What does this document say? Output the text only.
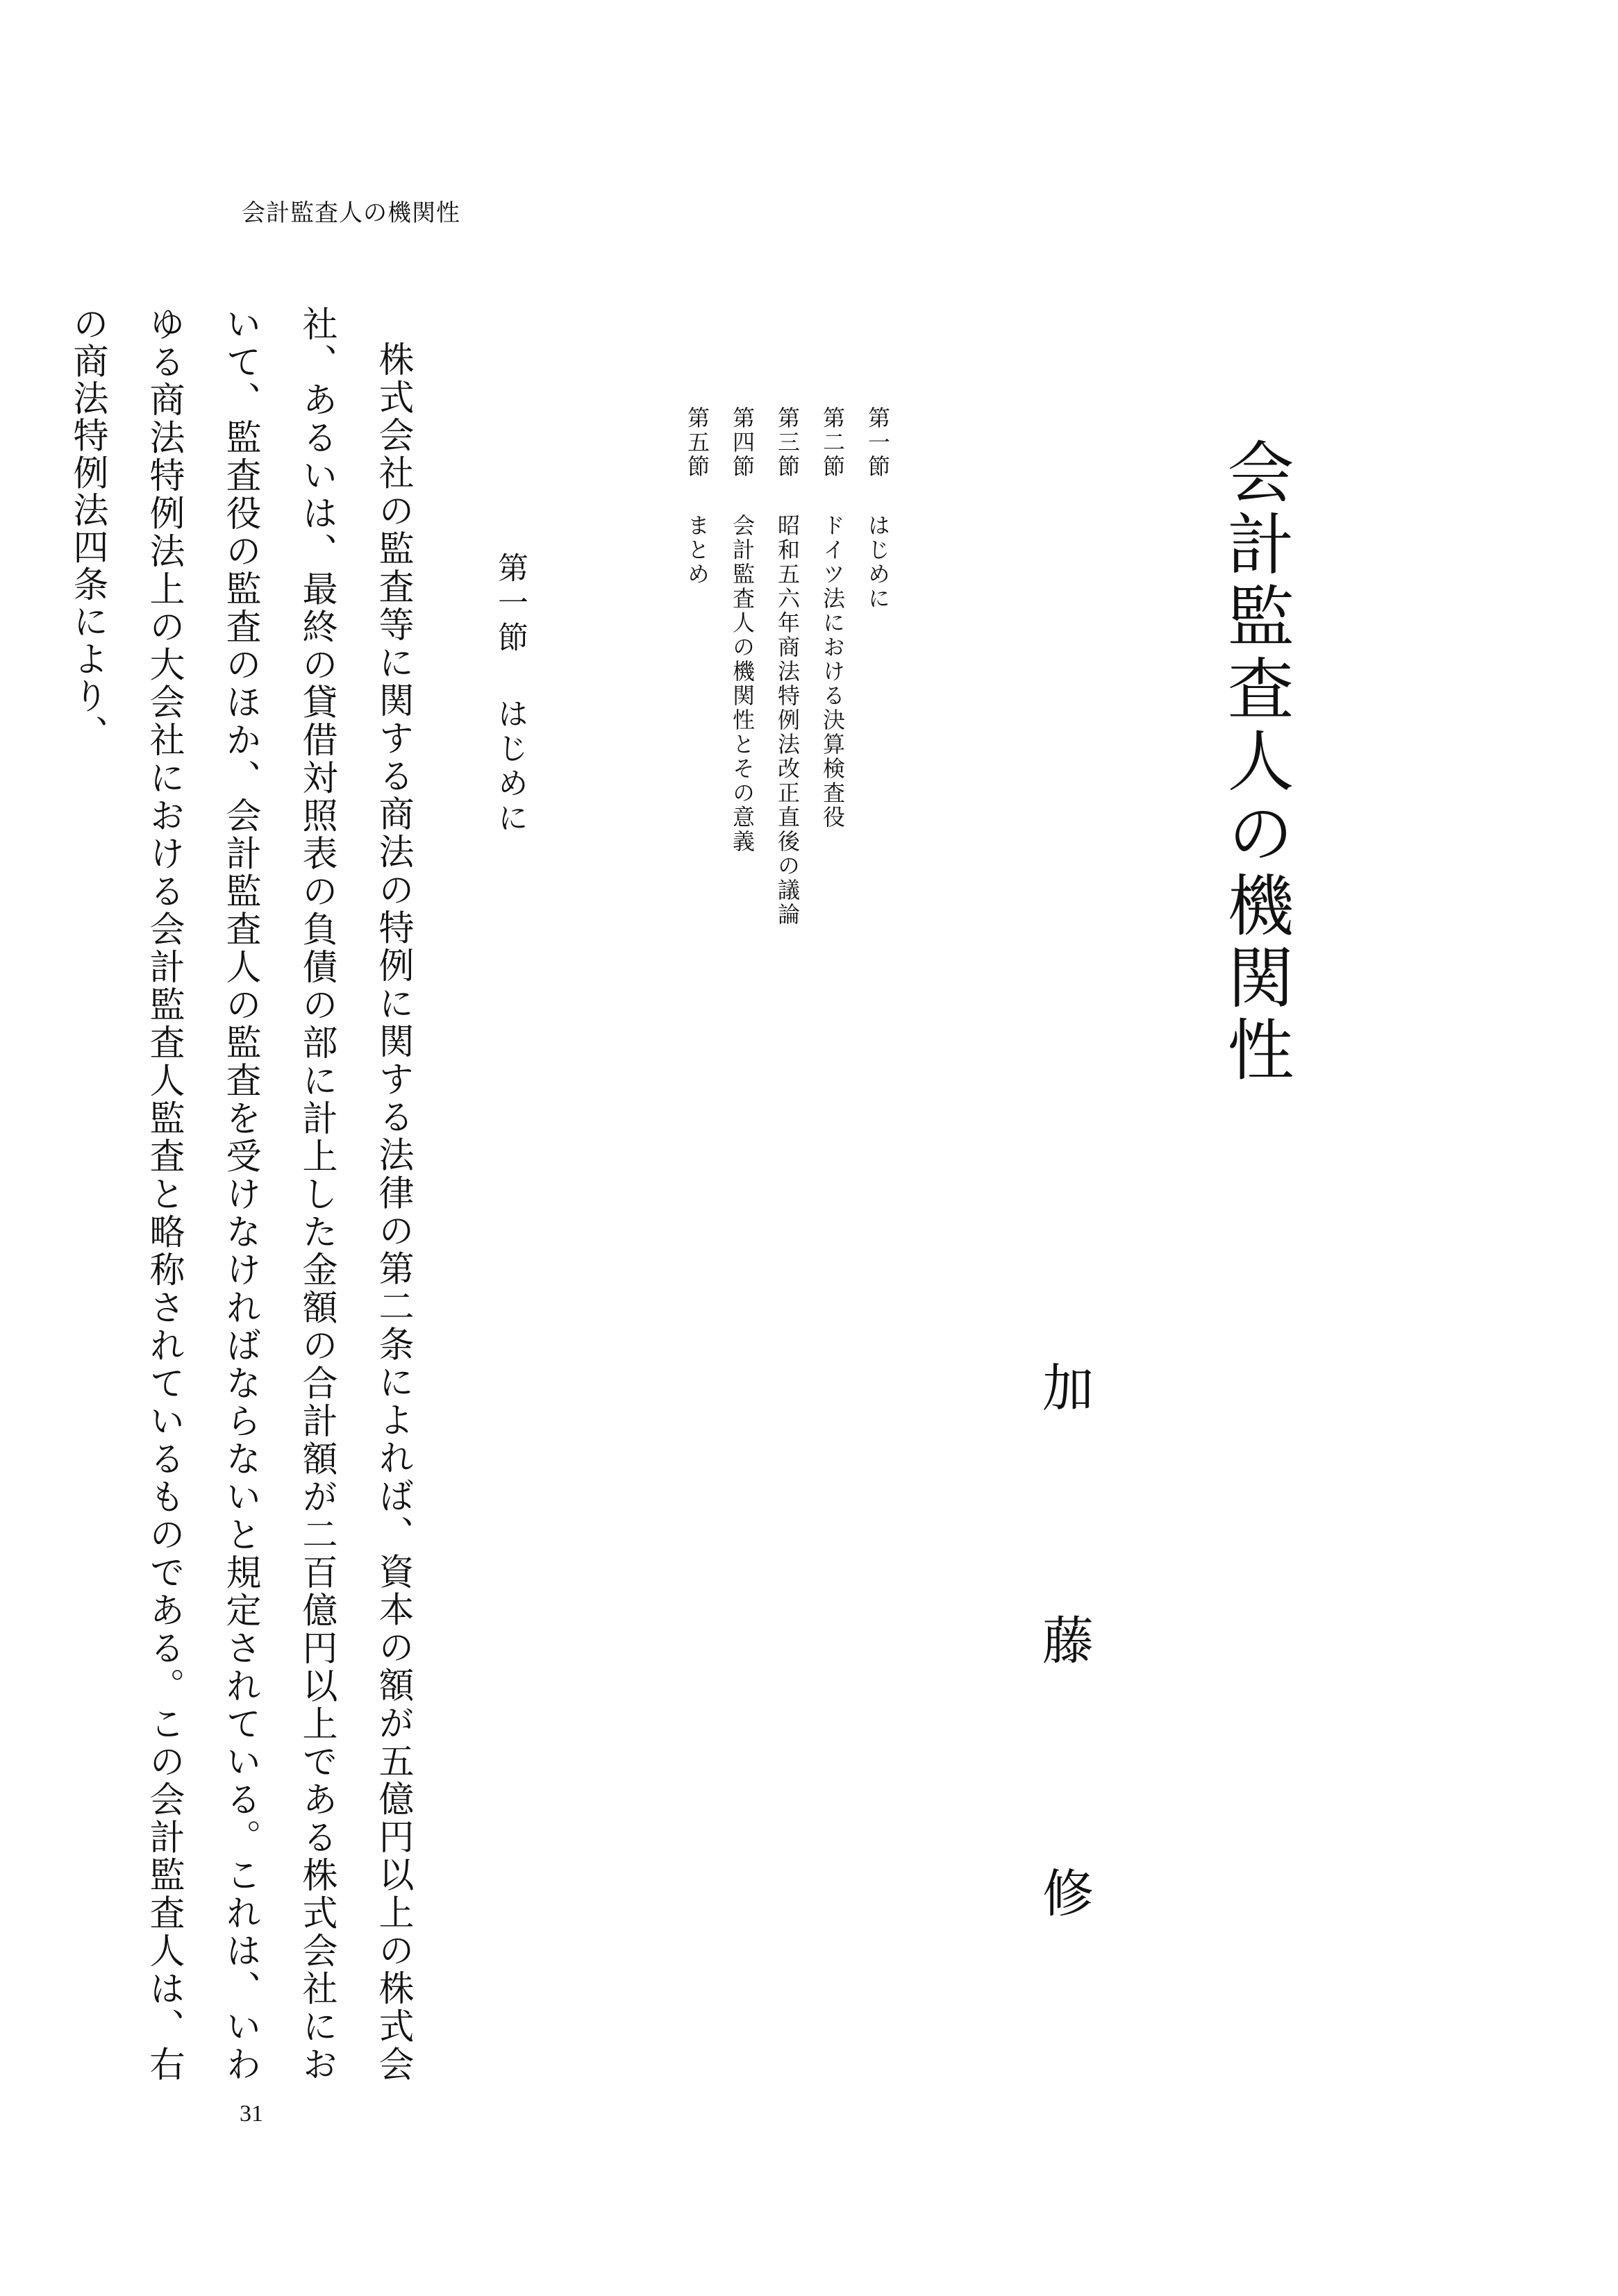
会計監査人の機関性
会計監査人の機関性
加藤修
第一節はじめに
第二節ドイツ法における決算検査役
第三節昭和五六年商法特例法改正直後の議論
第四節会計監査人の機関性とその意義
第五節まとめ
第一節はじめに

株式会社の監査等に関する商法の特例に関する法律の第二条によれば、資本の額が五億円以上の株式会社、あるいは、最終の貸借対照表の負債の部に計上した金額の合計額が二百億円以上である株式会社において、監査役の監査のほか、会計監査人の監査を受けなければならないと規定されている。これは、いわゆる商法特例法上の大会社における会計監査人監査と略称されているものである。この会計監査人は、右の商法特例法四条により、

31
